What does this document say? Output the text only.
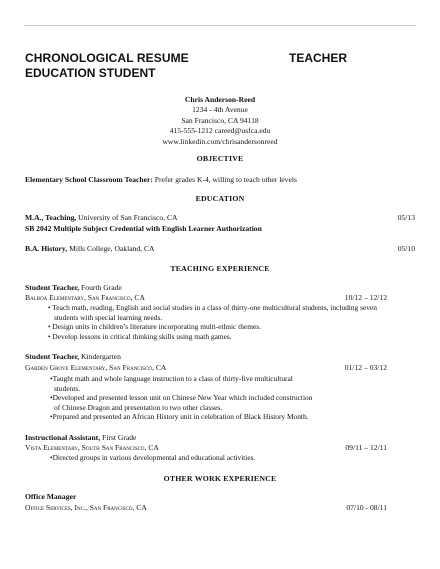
CHRONOLOGICAL RESUME
EDUCATION STUDENT
TEACHER
Chris Anderson-Reed
1234 - 4th Avenue
San Francisco, CA 94118
415-555-1212 careed@usfca.edu
www.linkedin.com/chrisandersonreed
OBJECTIVE
Elementary School Classroom Teacher: Prefer grades K-4, willing to teach other levels
EDUCATION
M.A., Teaching, University of San Francisco, CA	05/13
SB 2042 Multiple Subject Credential with English Learner Authorization
B.A. History, Mills College, Oakland, CA	05/10
TEACHING EXPERIENCE
Student Teacher, Fourth Grade
Balboa Elementary, San Francisco, CA	10/12 – 12/12
• Teach math, reading, English and social studies in a class of thirty-one multicultural students, including seven
students with special learning needs.
• Design units in children’s literature incorporating multi-ethnic themes.
• Develop lessons in critical thinking skills using math games.
Student Teacher, Kindergarten
Garden Grove Elementary, San Francisco, CA	01/12 – 03/12
•Taught math and whole language instruction to a class of thirty-five multicultural
students.
•Developed and presented lesson unit on Chinese New Year which included construction
of Chinese Dragon and presentation to two other classes.
•Prepared and presented an African History unit in celebration of Black History Month.
Instructional Assistant, First Grade
Vista Elementary, South San Francisco, CA	09/11 – 12/11
•Directed groups in various developmental and educational activities.
OTHER WORK EXPERIENCE
Office Manager
Office Services, Inc., San Francisco, CA	07/10 - 08/11
